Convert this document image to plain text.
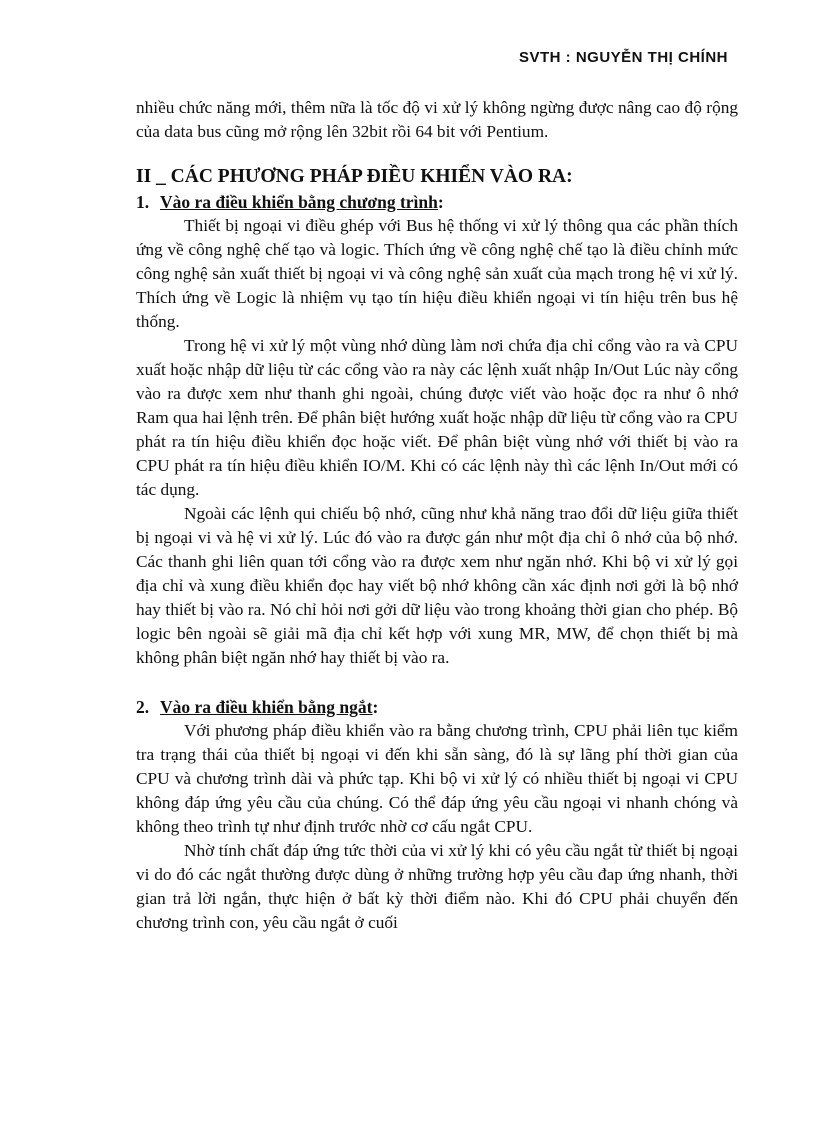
SVTH : NGUYỄN THỊ CHÍNH

nhiều chức năng mới, thêm nữa là tốc độ vi xử lý không ngừng được nâng cao độ rộng của data bus cũng mở rộng lên 32bit rồi 64 bit với Pentium.

II _ CÁC PHƯƠNG PHÁP ĐIỀU KHIỂN VÀO RA:
1. Vào ra điều khiển bằng chương trình:

Thiết bị ngoại vi điều ghép với Bus hệ thống vi xử lý thông qua các phần thích ứng về công nghệ chế tạo và logic. Thích ứng về công nghệ chế tạo là điều chỉnh mức công nghệ sản xuất thiết bị ngoại vi và công nghệ sản xuất của mạch trong hệ vi xử lý. Thích ứng về Logic là nhiệm vụ tạo tín hiệu điều khiển ngoại vi tín hiệu trên bus hệ thống.

Trong hệ vi xử lý một vùng nhớ dùng làm nơi chứa địa chỉ cổng vào ra và CPU xuất hoặc nhập dữ liệu từ các cổng vào ra này các lệnh xuất nhập In/Out Lúc này cổng vào ra được xem như thanh ghi ngoài, chúng được viết vào hoặc đọc ra như ô nhớ Ram qua hai lệnh trên. Để phân biệt hướng xuất hoặc nhập dữ liệu từ cổng vào ra CPU phát ra tín hiệu điều khiển đọc hoặc viết. Để phân biệt vùng nhớ với thiết bị vào ra CPU phát ra tín hiệu điều khiển IO/M. Khi có các lệnh này thì các lệnh In/Out mới có tác dụng.

Ngoài các lệnh qui chiếu bộ nhớ, cũng như khả năng trao đổi dữ liệu giữa thiết bị ngoại vi và hệ vi xử lý. Lúc đó vào ra được gán như một địa chỉ ô nhớ của bộ nhớ. Các thanh ghi liên quan tới cổng vào ra được xem như ngăn nhớ. Khi bộ vi xử lý gọi địa chỉ và xung điều khiển đọc hay viết bộ nhớ không cần xác định nơi gởi là bộ nhớ hay thiết bị vào ra. Nó chỉ hỏi nơi gởi dữ liệu vào trong khoảng thời gian cho phép. Bộ logic bên ngoài sẽ giải mã địa chỉ kết hợp với xung MR, MW, để chọn thiết bị mà không phân biệt ngăn nhớ hay thiết bị vào ra.

2. Vào ra điều khiển bằng ngắt:

Với phương pháp điều khiển vào ra bằng chương trình, CPU phải liên tục kiểm tra trạng thái của thiết bị ngoại vi đến khi sẵn sàng, đó là sự lãng phí thời gian của CPU và chương trình dài và phức tạp. Khi bộ vi xử lý có nhiều thiết bị ngoại vi CPU không đáp ứng yêu cầu của chúng. Có thể đáp ứng yêu cầu ngoại vi nhanh chóng và không theo trình tự như định trước nhờ cơ cấu ngắt CPU.

Nhờ tính chất đáp ứng tức thời của vi xử lý khi có yêu cầu ngắt từ thiết bị ngoại vi do đó các ngắt thường được dùng ở những trường hợp yêu cầu đap ứng nhanh, thời gian trả lời ngắn, thực hiện ở bất kỳ thời điểm nào. Khi đó CPU phải chuyển đến chương trình con, yêu cầu ngắt ở cuối
